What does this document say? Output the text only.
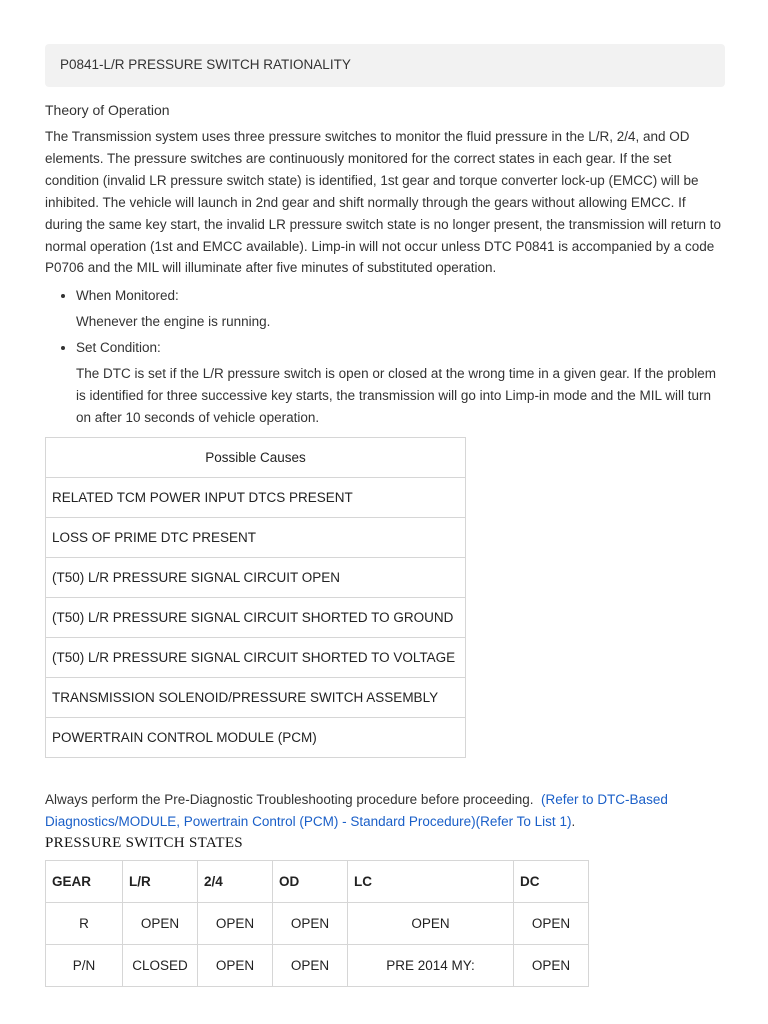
P0841-L/R PRESSURE SWITCH RATIONALITY
Theory of Operation
The Transmission system uses three pressure switches to monitor the fluid pressure in the L/R, 2/4, and OD elements. The pressure switches are continuously monitored for the correct states in each gear. If the set condition (invalid LR pressure switch state) is identified, 1st gear and torque converter lock-up (EMCC) will be inhibited. The vehicle will launch in 2nd gear and shift normally through the gears without allowing EMCC. If during the same key start, the invalid LR pressure switch state is no longer present, the transmission will return to normal operation (1st and EMCC available). Limp-in will not occur unless DTC P0841 is accompanied by a code P0706 and the MIL will illuminate after five minutes of substituted operation.
• When Monitored:
Whenever the engine is running.
• Set Condition:
The DTC is set if the L/R pressure switch is open or closed at the wrong time in a given gear. If the problem is identified for three successive key starts, the transmission will go into Limp-in mode and the MIL will turn on after 10 seconds of vehicle operation.
Possible Causes
RELATED TCM POWER INPUT DTCS PRESENT
LOSS OF PRIME DTC PRESENT
(T50) L/R PRESSURE SIGNAL CIRCUIT OPEN
(T50) L/R PRESSURE SIGNAL CIRCUIT SHORTED TO GROUND
(T50) L/R PRESSURE SIGNAL CIRCUIT SHORTED TO VOLTAGE
TRANSMISSION SOLENOID/PRESSURE SWITCH ASSEMBLY
POWERTRAIN CONTROL MODULE (PCM)
Always perform the Pre-Diagnostic Troubleshooting procedure before proceeding. (Refer to DTC-Based Diagnostics/MODULE, Powertrain Control (PCM) - Standard Procedure)(Refer To List 1).
PRESSURE SWITCH STATES
GEAR	L/R	2/4	OD	LC	DC
R	OPEN	OPEN	OPEN	OPEN	OPEN
P/N	CLOSED	OPEN	OPEN	PRE 2014 MY:	OPEN
